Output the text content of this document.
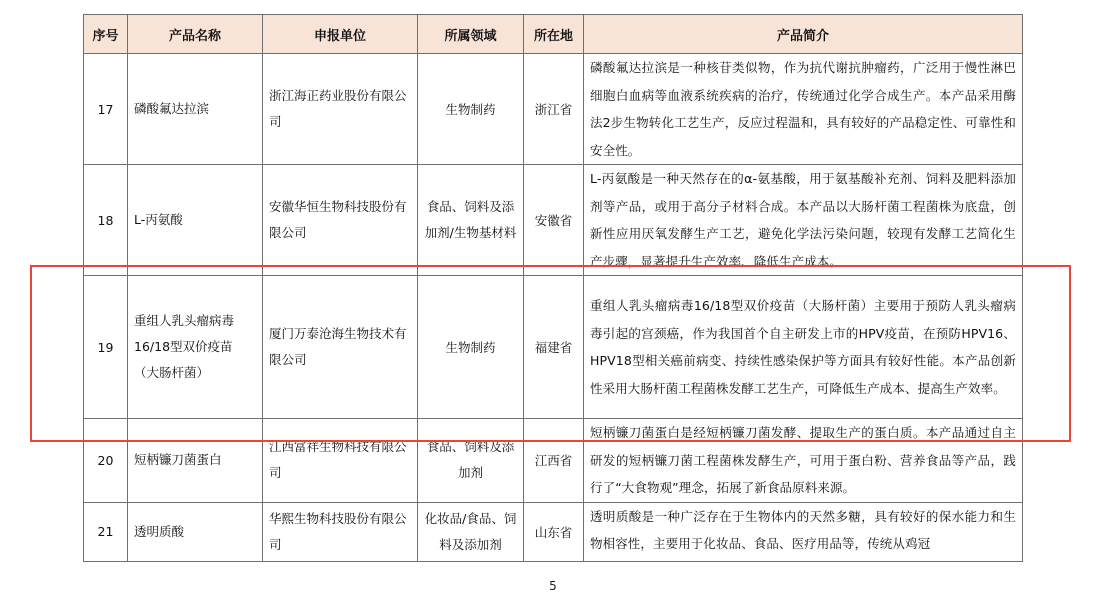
序号	产品名称	申报单位	所属领域	所在地	产品简介
17	磷酸氟达拉滨	浙江海正药业股份有限公司	生物制药	浙江省	磷酸氟达拉滨是一种核苷类似物，作为抗代谢抗肿瘤药，广泛用于慢性淋巴细胞白血病等血液系统疾病的治疗，传统通过化学合成生产。本产品采用酶法2步生物转化工艺生产，反应过程温和，具有较好的产品稳定性、可靠性和安全性。
18	L-丙氨酸	安徽华恒生物科技股份有限公司	食品、饲料及添加剂/生物基材料	安徽省	L-丙氨酸是一种天然存在的α-氨基酸，用于氨基酸补充剂、饲料及肥料添加剂等产品，或用于高分子材料合成。本产品以大肠杆菌工程菌株为底盘，创新性应用厌氧发酵生产工艺，避免化学法污染问题，较现有发酵工艺简化生产步骤，显著提升生产效率、降低生产成本。
19	重组人乳头瘤病毒16/18型双价疫苗（大肠杆菌）	厦门万泰沧海生物技术有限公司	生物制药	福建省	重组人乳头瘤病毒16/18型双价疫苗（大肠杆菌）主要用于预防人乳头瘤病毒引起的宫颈癌，作为我国首个自主研发上市的HPV疫苗，在预防HPV16、HPV18型相关癌前病变、持续性感染保护等方面具有较好性能。本产品创新性采用大肠杆菌工程菌株发酵工艺生产，可降低生产成本、提高生产效率。
20	短柄镰刀菌蛋白	江西富祥生物科技有限公司	食品、饲料及添加剂	江西省	短柄镰刀菌蛋白是经短柄镰刀菌发酵、提取生产的蛋白质。本产品通过自主研发的短柄镰刀菌工程菌株发酵生产，可用于蛋白粉、营养食品等产品，践行了“大食物观”理念，拓展了新食品原料来源。
21	透明质酸	华熙生物科技股份有限公司	化妆品/食品、饲料及添加剂	山东省	透明质酸是一种广泛存在于生物体内的天然多糖，具有较好的保水能力和生物相容性，主要用于化妆品、食品、医疗用品等，传统从鸡冠
5
